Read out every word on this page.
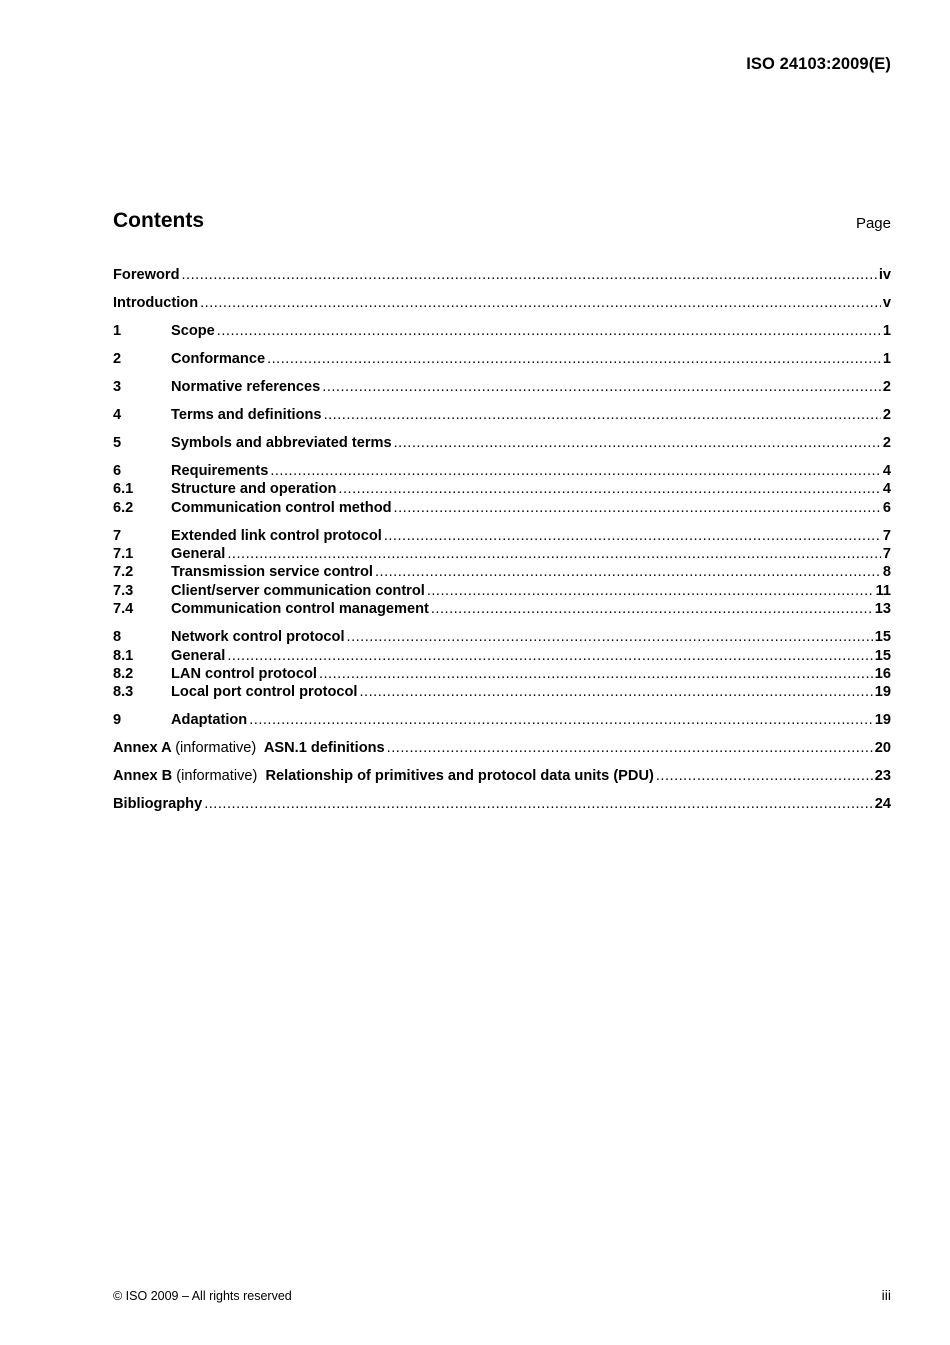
ISO 24103:2009(E)
Contents	Page
Foreword .....	iv
Introduction .....	v
1	Scope .....	1
2	Conformance .....	1
3	Normative references .....	2
4	Terms and definitions .....	2
5	Symbols and abbreviated terms .....	2
6	Requirements .....	4
6.1	Structure and operation .....	4
6.2	Communication control method .....	6
7	Extended link control protocol .....	7
7.1	General .....	7
7.2	Transmission service control .....	8
7.3	Client/server communication control .....	11
7.4	Communication control management .....	13
8	Network control protocol .....	15
8.1	General .....	15
8.2	LAN control protocol .....	16
8.3	Local port control protocol .....	19
9	Adaptation .....	19
Annex A (informative) ASN.1 definitions .....	20
Annex B (informative) Relationship of primitives and protocol data units (PDU) .....	23
Bibliography .....	24
© ISO 2009 – All rights reserved	iii
